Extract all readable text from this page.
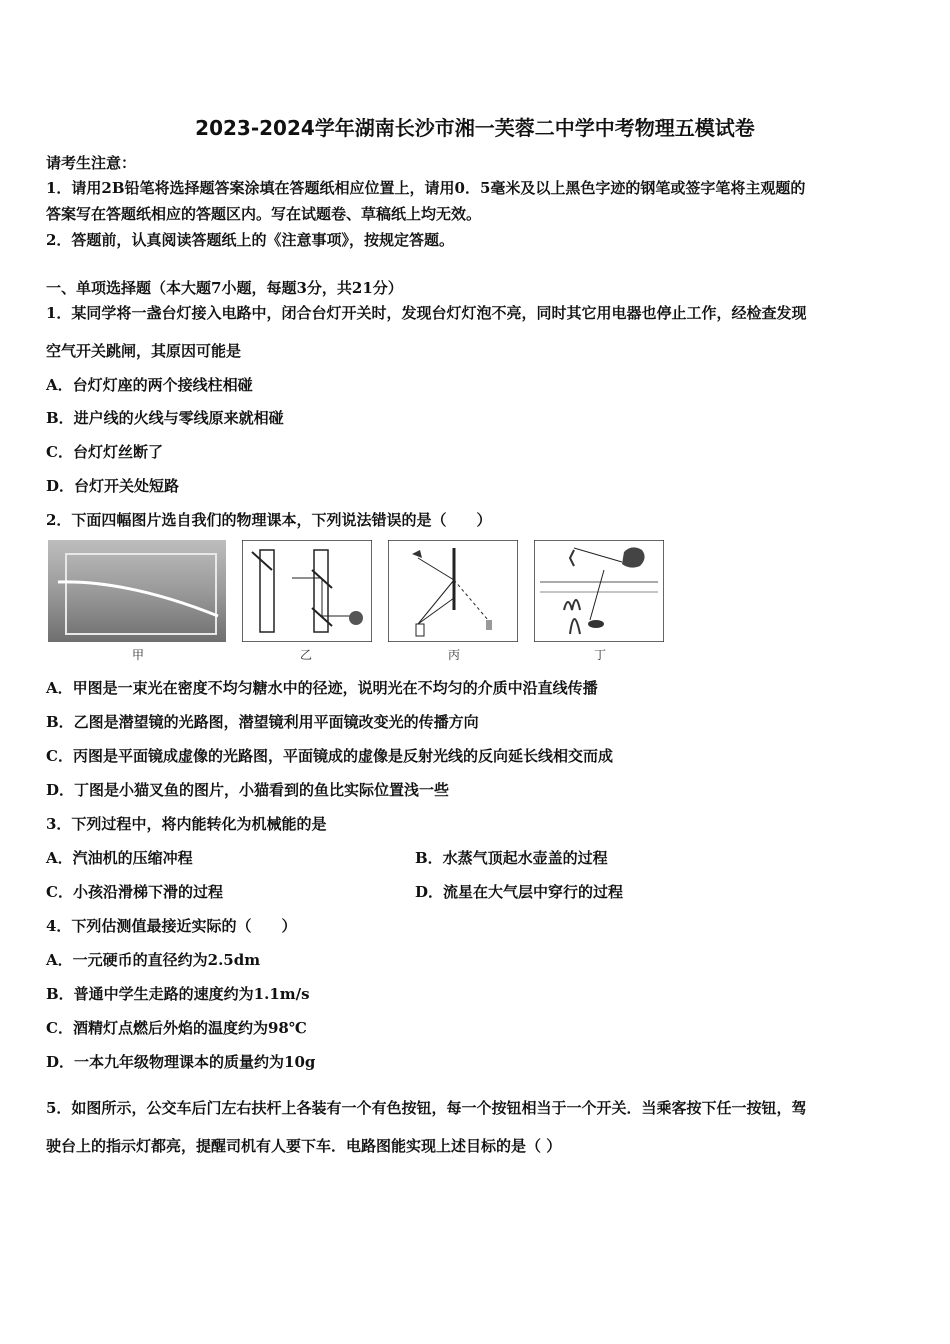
2023-2024学年湖南长沙市湘一芙蓉二中学中考物理五模试卷
请考生注意：
1．请用2B铅笔将选择题答案涂填在答题纸相应位置上，请用0．5毫米及以上黑色字迹的钢笔或签字笔将主观题的
答案写在答题纸相应的答题区内。写在试题卷、草稿纸上均无效。
2．答题前，认真阅读答题纸上的《注意事项》，按规定答题。
一、单项选择题（本大题7小题，每题3分，共21分）
1．某同学将一盏台灯接入电路中，闭合台灯开关时，发现台灯灯泡不亮，同时其它用电器也停止工作，经检查发现
空气开关跳闸，其原因可能是
A．台灯灯座的两个接线柱相碰
B．进户线的火线与零线原来就相碰
C．台灯灯丝断了
D．台灯开关处短路
2．下面四幅图片选自我们的物理课本，下列说法错误的是（　　）
甲	乙	丙	丁
A．甲图是一束光在密度不均匀糖水中的径迹，说明光在不均匀的介质中沿直线传播
B．乙图是潜望镜的光路图，潜望镜利用平面镜改变光的传播方向
C．丙图是平面镜成虚像的光路图，平面镜成的虚像是反射光线的反向延长线相交而成
D．丁图是小猫叉鱼的图片，小猫看到的鱼比实际位置浅一些
3．下列过程中，将内能转化为机械能的是
A．汽油机的压缩冲程	B．水蒸气顶起水壶盖的过程
C．小孩沿滑梯下滑的过程	D．流星在大气层中穿行的过程
4．下列估测值最接近实际的（　　）
A．一元硬币的直径约为2.5dm
B．普通中学生走路的速度约为1.1m/s
C．酒精灯点燃后外焰的温度约为98℃
D．一本九年级物理课本的质量约为10g
5．如图所示，公交车后门左右扶杆上各装有一个有色按钮，每一个按钮相当于一个开关．当乘客按下任一按钮，驾
驶台上的指示灯都亮，提醒司机有人要下车．电路图能实现上述目标的是（ ）
